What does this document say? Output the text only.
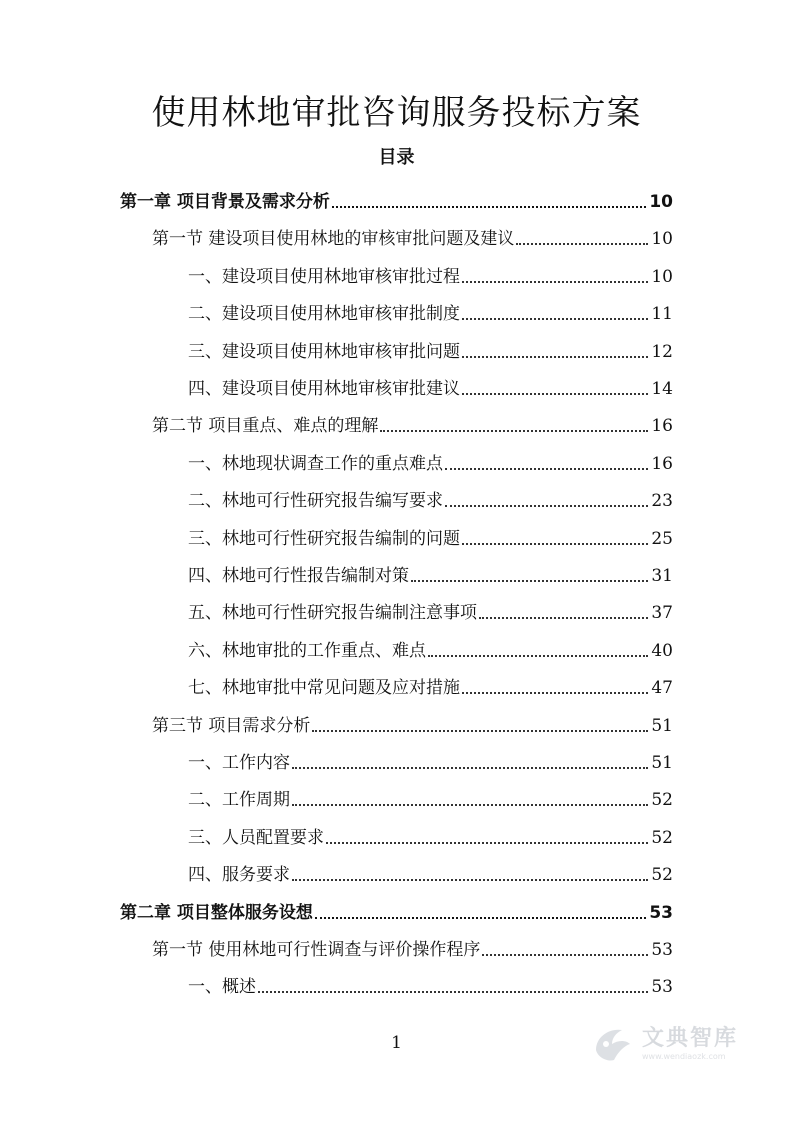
使用林地审批咨询服务投标方案
目录
第一章 项目背景及需求分析	10
第一节 建设项目使用林地的审核审批问题及建议	10
一、建设项目使用林地审核审批过程	10
二、建设项目使用林地审核审批制度	11
三、建设项目使用林地审核审批问题	12
四、建设项目使用林地审核审批建议	14
第二节 项目重点、难点的理解	16
一、林地现状调查工作的重点难点	16
二、林地可行性研究报告编写要求	23
三、林地可行性研究报告编制的问题	25
四、林地可行性报告编制对策	31
五、林地可行性研究报告编制注意事项	37
六、林地审批的工作重点、难点	40
七、林地审批中常见问题及应对措施	47
第三节 项目需求分析	51
一、工作内容	51
二、工作周期	52
三、人员配置要求	52
四、服务要求	52
第二章 项目整体服务设想	53
第一节 使用林地可行性调查与评价操作程序	53
一、概述	53
1	文典智库
www.wendiaozk.com
